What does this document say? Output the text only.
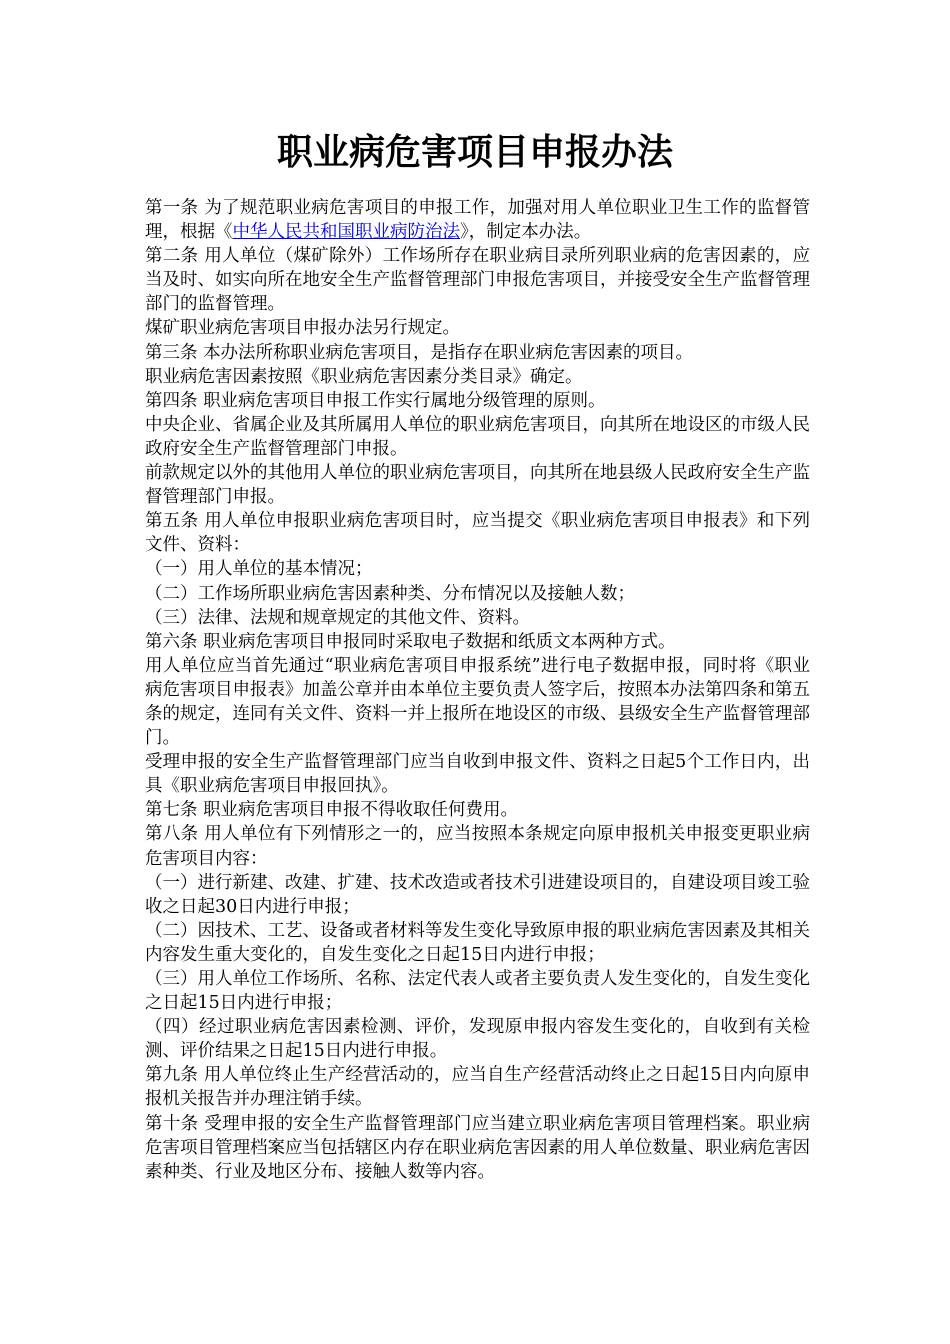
职业病危害项目申报办法

第一条 为了规范职业病危害项目的申报工作，加强对用人单位职业卫生工作的监督管理，根据《中华人民共和国职业病防治法》，制定本办法。

第二条 用人单位（煤矿除外）工作场所存在职业病目录所列职业病的危害因素的，应当及时、如实向所在地安全生产监督管理部门申报危害项目，并接受安全生产监督管理部门的监督管理。

煤矿职业病危害项目申报办法另行规定。

第三条 本办法所称职业病危害项目，是指存在职业病危害因素的项目。

职业病危害因素按照《职业病危害因素分类目录》确定。

第四条 职业病危害项目申报工作实行属地分级管理的原则。

中央企业、省属企业及其所属用人单位的职业病危害项目，向其所在地设区的市级人民政府安全生产监督管理部门申报。

前款规定以外的其他用人单位的职业病危害项目，向其所在地县级人民政府安全生产监督管理部门申报。

第五条 用人单位申报职业病危害项目时，应当提交《职业病危害项目申报表》和下列文件、资料：

（一）用人单位的基本情况；

（二）工作场所职业病危害因素种类、分布情况以及接触人数；

（三）法律、法规和规章规定的其他文件、资料。

第六条 职业病危害项目申报同时采取电子数据和纸质文本两种方式。

用人单位应当首先通过“职业病危害项目申报系统”进行电子数据申报，同时将《职业病危害项目申报表》加盖公章并由本单位主要负责人签字后，按照本办法第四条和第五条的规定，连同有关文件、资料一并上报所在地设区的市级、县级安全生产监督管理部门。

受理申报的安全生产监督管理部门应当自收到申报文件、资料之日起5个工作日内，出具《职业病危害项目申报回执》。

第七条 职业病危害项目申报不得收取任何费用。

第八条 用人单位有下列情形之一的，应当按照本条规定向原申报机关申报变更职业病危害项目内容：

（一）进行新建、改建、扩建、技术改造或者技术引进建设项目的，自建设项目竣工验收之日起30日内进行申报；

（二）因技术、工艺、设备或者材料等发生变化导致原申报的职业病危害因素及其相关内容发生重大变化的，自发生变化之日起15日内进行申报；

（三）用人单位工作场所、名称、法定代表人或者主要负责人发生变化的，自发生变化之日起15日内进行申报；

（四）经过职业病危害因素检测、评价，发现原申报内容发生变化的，自收到有关检测、评价结果之日起15日内进行申报。

第九条 用人单位终止生产经营活动的，应当自生产经营活动终止之日起15日内向原申报机关报告并办理注销手续。

第十条 受理申报的安全生产监督管理部门应当建立职业病危害项目管理档案。职业病危害项目管理档案应当包括辖区内存在职业病危害因素的用人单位数量、职业病危害因素种类、行业及地区分布、接触人数等内容。
